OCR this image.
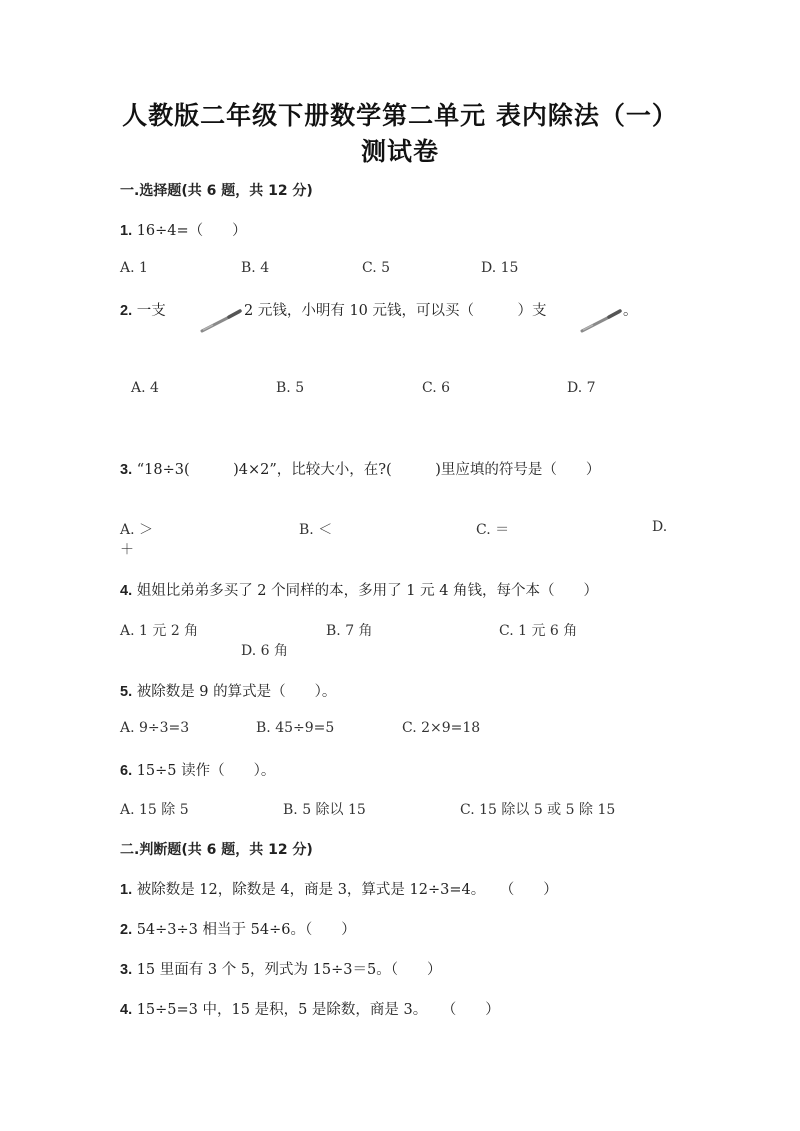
人教版二年级下册数学第二单元 表内除法（一）
测试卷
一.选择题(共 6 题，共 12 分)
1. 16÷4=（　　）
A. 1	B. 4	C. 5	D. 15
2. 一支	2 元钱，小明有 10 元钱，可以买（　　　）支	。
A. 4	B. 5	C. 6	D. 7
3. “18÷3(　　　)4×2”，比较大小，在?(　　　)里应填的符号是（　　）
A. ＞	B. ＜	C. ＝	D.
＋
4. 姐姐比弟弟多买了 2 个同样的本，多用了 1 元 4 角钱，每个本（　　）
A. 1 元 2 角	B. 7 角	C. 1 元 6 角
D. 6 角
5. 被除数是 9 的算式是（　　）。
A. 9÷3=3	B. 45÷9=5	C. 2×9=18
6. 15÷5 读作（　　）。
A. 15 除 5	B. 5 除以 15	C. 15 除以 5 或 5 除 15
二.判断题(共 6 题，共 12 分)
1. 被除数是 12，除数是 4，商是 3，算式是 12÷3=4。　　（　　）
2. 54÷3÷3 相当于 54÷6。（　　）
3. 15 里面有 3 个 5，列式为 15÷3＝5。（　　）
4. 15÷5=3 中，15 是积，5 是除数，商是 3。　　（　　）
